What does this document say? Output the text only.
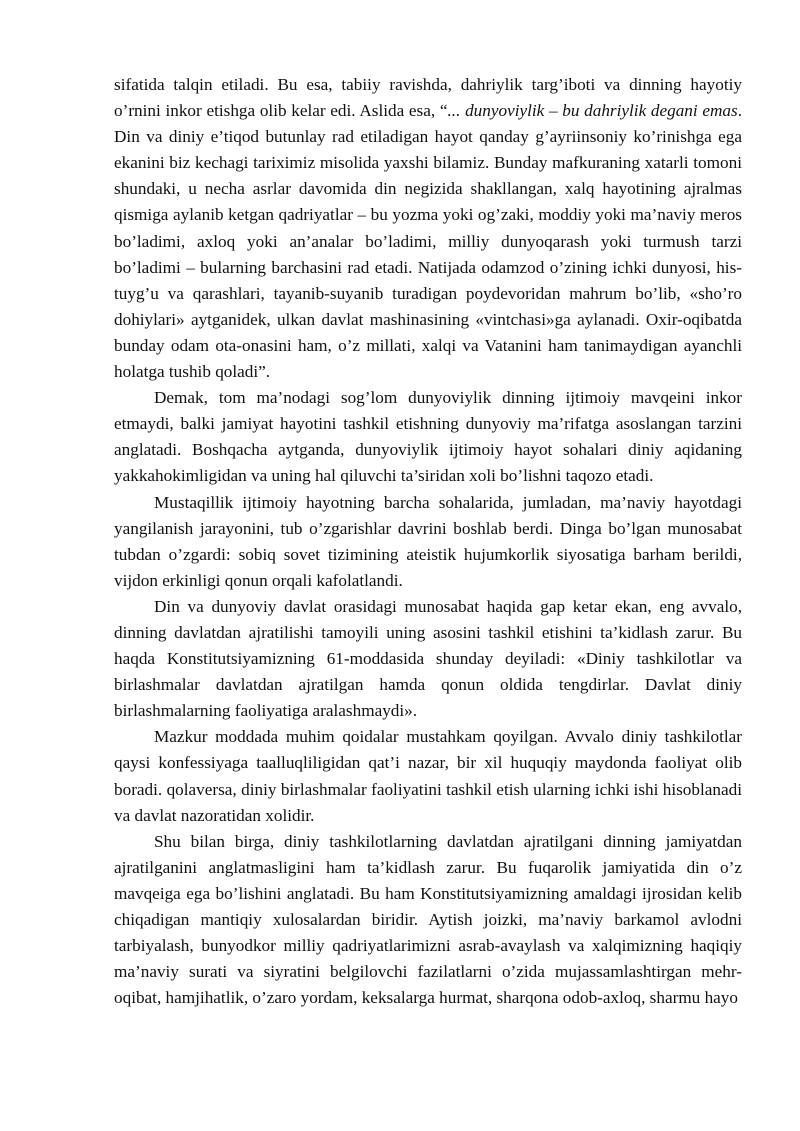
sifatida talqin etiladi. Bu esa, tabiiy ravishda, dahriylik targ’iboti va dinning hayotiy o’rnini inkor etishga olib kelar edi. Aslida esa, “... dunyoviylik – bu dahriylik degani emas. Din va diniy e’tiqod butunlay rad etiladigan hayot qanday g’ayriinsoniy ko’rinishga ega ekanini biz kechagi tariximiz misolida yaxshi bilamiz. Bunday mafkuraning xatarli tomoni shundaki, u necha asrlar davomida din negizida shakllangan, xalq hayotining ajralmas qismiga aylanib ketgan qadriyatlar – bu yozma yoki og’zaki, moddiy yoki ma’naviy meros bo’ladimi, axloq yoki an’analar bo’ladimi, milliy dunyoqarash yoki turmush tarzi bo’ladimi – bularning barchasini rad etadi. Natijada odamzod o’zining ichki dunyosi, his-tuyg’u va qarashlari, tayanib-suyanib turadigan poydevoridan mahrum bo’lib, «sho’ro dohiylari» aytganidek, ulkan davlat mashinasining «vintchasi»ga aylanadi. Oxir-oqibatda bunday odam ota-onasini ham, o’z millati, xalqi va Vatanini ham tanimaydigan ayanchli holatga tushib qoladi”.

Demak, tom ma’nodagi sog’lom dunyoviylik dinning ijtimoiy mavqeini inkor etmaydi, balki jamiyat hayotini tashkil etishning dunyoviy ma’rifatga asoslangan tarzini anglatadi. Boshqacha aytganda, dunyoviylik ijtimoiy hayot sohalari diniy aqidaning yakkahokimligidan va uning hal qiluvchi ta’siridan xoli bo’lishni taqozo etadi.

Mustaqillik ijtimoiy hayotning barcha sohalarida, jumladan, ma’naviy hayotdagi yangilanish jarayonini, tub o’zgarishlar davrini boshlab berdi. Dinga bo’lgan munosabat tubdan o’zgardi: sobiq sovet tizimining ateistik hujumkorlik siyosatiga barham berildi, vijdon erkinligi qonun orqali kafolatlandi.

Din va dunyoviy davlat orasidagi munosabat haqida gap ketar ekan, eng avvalo, dinning davlatdan ajratilishi tamoyili uning asosini tashkil etishini ta’kidlash zarur. Bu haqda Konstitutsiyamizning 61-moddasida shunday deyiladi: «Diniy tashkilotlar va birlashmalar davlatdan ajratilgan hamda qonun oldida tengdirlar. Davlat diniy birlashmalarning faoliyatiga aralashmaydi».

Mazkur moddada muhim qoidalar mustahkam qoyilgan. Avvalo diniy tashkilotlar qaysi konfessiyaga taalluqliligidan qat’i nazar, bir xil huquqiy maydonda faoliyat olib boradi. qolaversa, diniy birlashmalar faoliyatini tashkil etish ularning ichki ishi hisoblanadi va davlat nazoratidan xolidir.

Shu bilan birga, diniy tashkilotlarning davlatdan ajratilgani dinning jamiyatdan ajratilganini anglatmasligini ham ta’kidlash zarur. Bu fuqarolik jamiyatida din o’z mavqeiga ega bo’lishini anglatadi. Bu ham Konstitutsiyamizning amaldagi ijrosidan kelib chiqadigan mantiqiy xulosalardan biridir. Aytish joizki, ma’naviy barkamol avlodni tarbiyalash, bunyodkor milliy qadriyatlarimizni asrab-avaylash va xalqimizning haqiqiy ma’naviy surati va siyratini belgilovchi fazilatlarni o’zida mujassamlashtirgan mehr-oqibat, hamjihatlik, o’zaro yordam, keksalarga hurmat, sharqona odob-axloq, sharmu hayo
